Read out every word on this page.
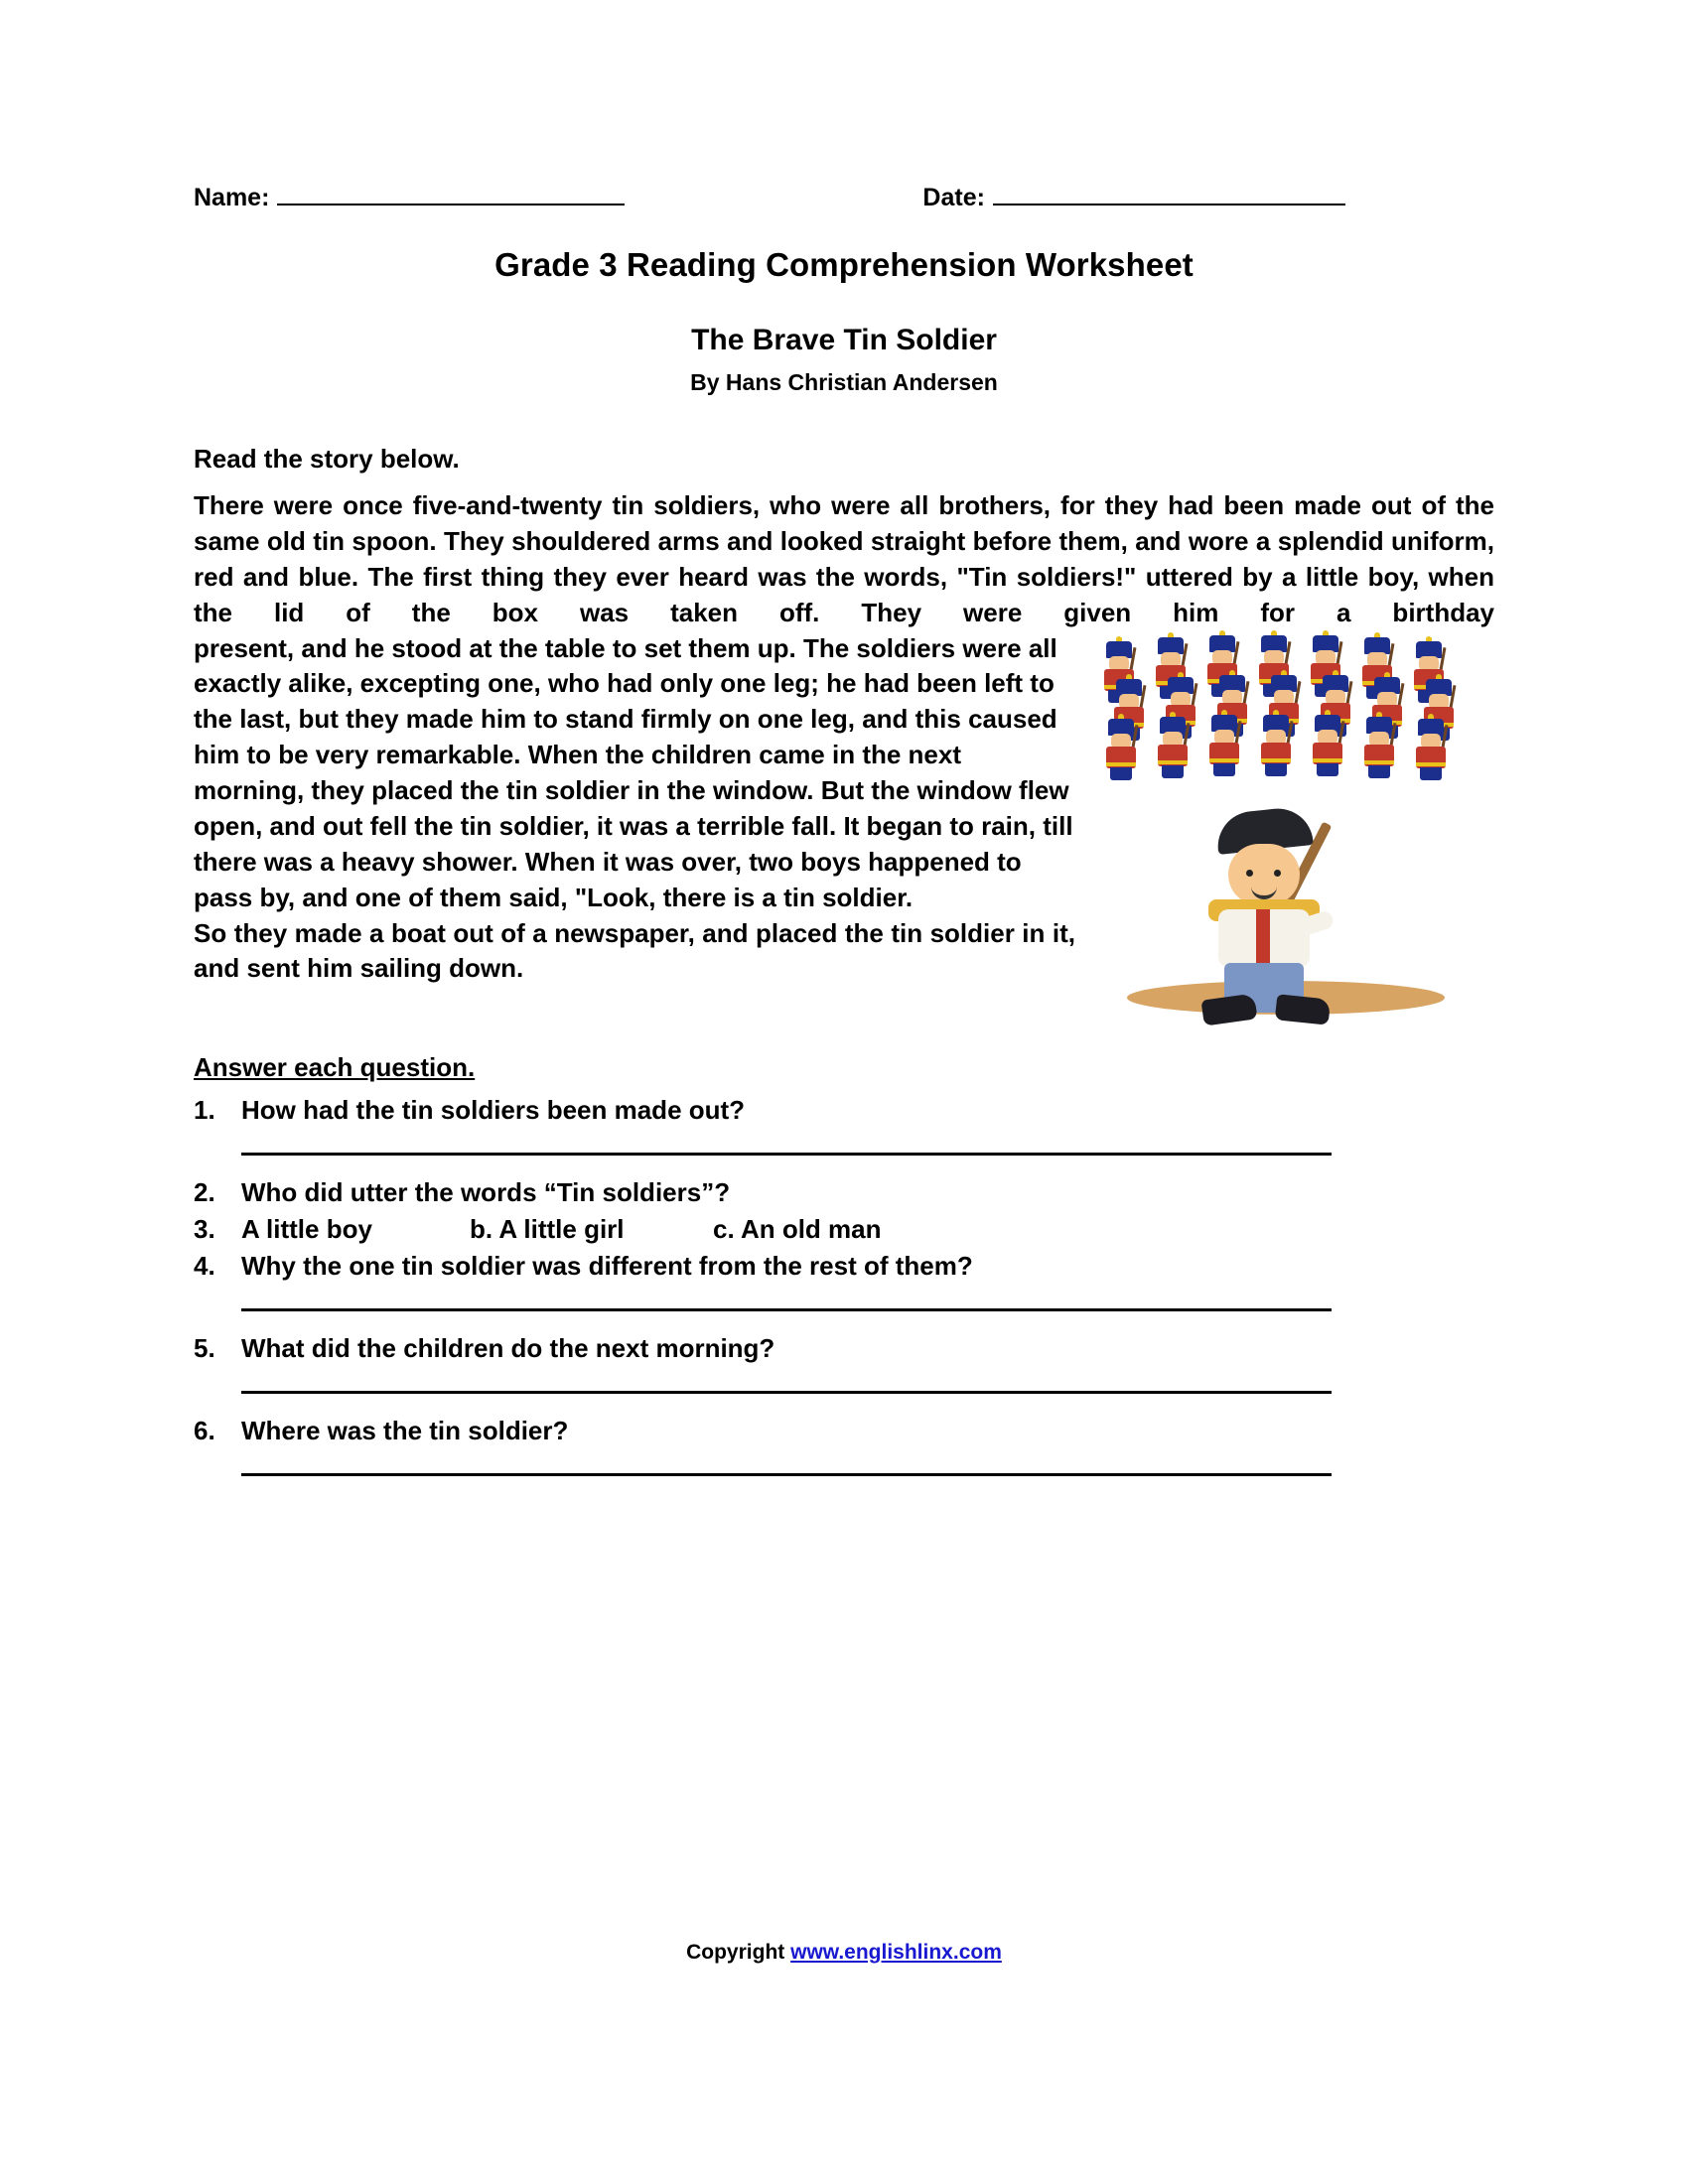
Name:	Date:
Grade 3 Reading Comprehension Worksheet
The Brave Tin Soldier
By Hans Christian Andersen
Read the story below.

There were once five-and-twenty tin soldiers, who were all brothers, for they had been made out of the same old tin spoon. They shouldered arms and looked straight before them, and wore a splendid uniform, red and blue. The first thing they ever heard was the words, "Tin soldiers!" uttered by a little boy, when the lid of the box was taken off. They were given him for a birthday

present, and he stood at the table to set them up. The soldiers were all exactly alike, excepting one, who had only one leg; he had been left to the last, but they made him to stand firmly on one leg, and this caused him to be very remarkable. When the children came in the next morning, they placed the tin soldier in the window. But the window flew open, and out fell the tin soldier, it was a terrible fall. It began to rain, till there was a heavy shower. When it was over, two boys happened to pass by, and one of them said, "Look, there is a tin soldier.

So they made a boat out of a newspaper, and placed the tin soldier in it, and sent him sailing down.

Answer each question.
1.	How had the tin soldiers been made out?
2.	Who did utter the words “Tin soldiers”?
3.	A little boy	b. A little girl	c. An old man
4.	Why the one tin soldier was different from the rest of them?
5.	What did the children do the next morning?
6.	Where was the tin soldier?
Copyright www.englishlinx.com
